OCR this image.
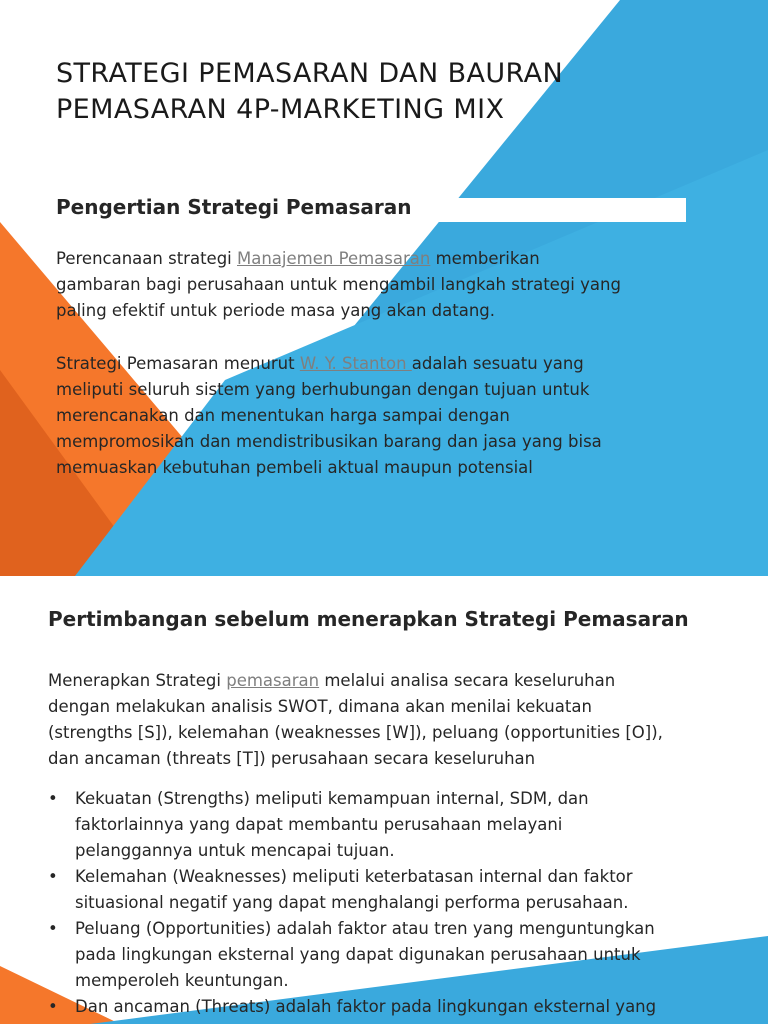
STRATEGI PEMASARAN DAN BAURAN
PEMASARAN 4P-MARKETING MIX
Pengertian Strategi Pemasaran

Perencanaan strategi Manajemen Pemasaran memberikan
gambaran bagi perusahaan untuk mengambil langkah strategi yang
paling efektif untuk periode masa yang akan datang.

Strategi Pemasaran menurut W. Y. Stanton adalah sesuatu yang
meliputi seluruh sistem yang berhubungan dengan tujuan untuk
merencanakan dan menentukan harga sampai dengan
mempromosikan dan mendistribusikan barang dan jasa yang bisa
memuaskan kebutuhan pembeli aktual maupun potensial

Pertimbangan sebelum menerapkan Strategi Pemasaran

Menerapkan Strategi pemasaran melalui analisa secara keseluruhan
dengan melakukan analisis SWOT, dimana akan menilai kekuatan
(strengths [S]), kelemahan (weaknesses [W]), peluang (opportunities [O]),
dan ancaman (threats [T]) perusahaan secara keseluruhan

• Kekuatan (Strengths) meliputi kemampuan internal, SDM, dan
faktorlainnya yang dapat membantu perusahaan melayani
pelanggannya untuk mencapai tujuan.
• Kelemahan (Weaknesses) meliputi keterbatasan internal dan faktor
situasional negatif yang dapat menghalangi performa perusahaan.
• Peluang (Opportunities) adalah faktor atau tren yang menguntungkan
pada lingkungan eksternal yang dapat digunakan perusahaan untuk
memperoleh keuntungan.
• Dan ancaman (Threats) adalah faktor pada lingkungan eksternal yang
